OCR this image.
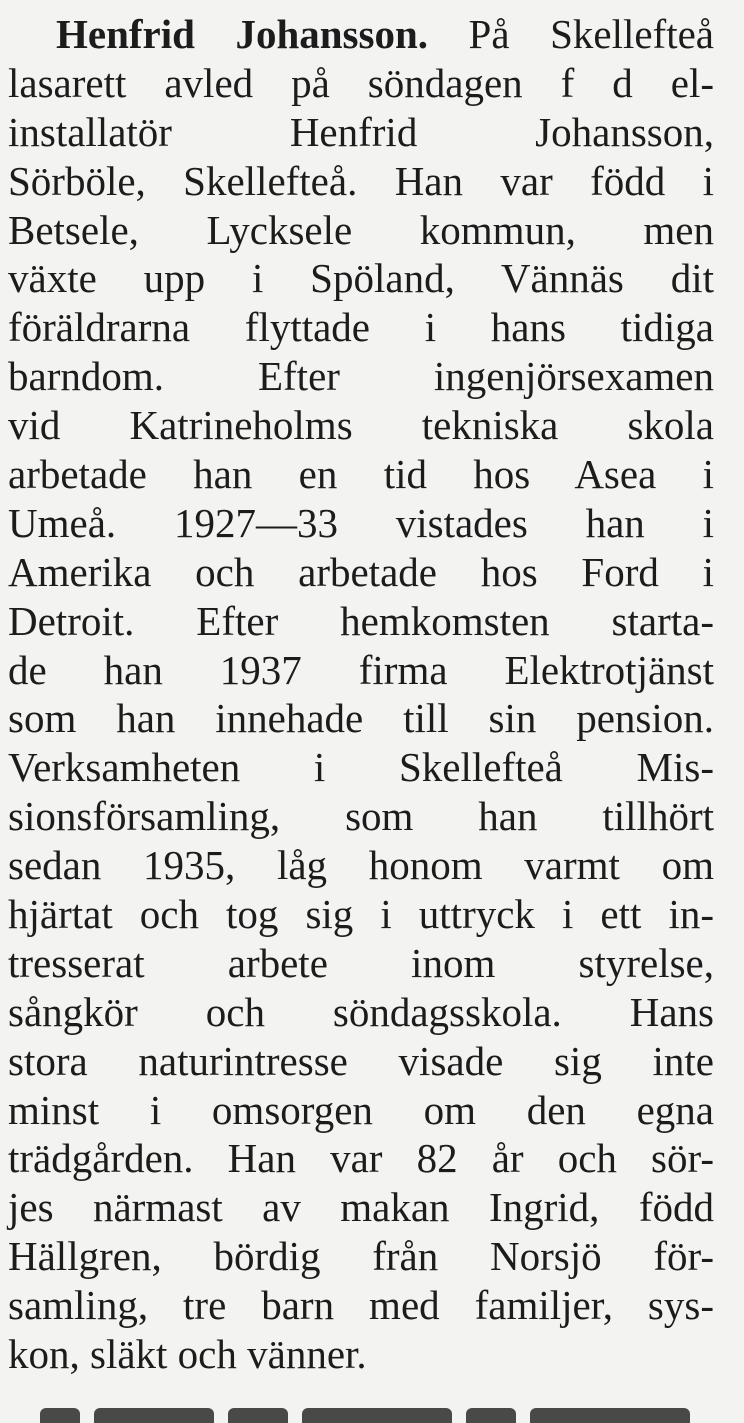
Henfrid Johansson. På Skellefteå
lasarett avled på söndagen f d el-
installatör Henfrid Johansson,
Sörböle, Skellefteå. Han var född i
Betsele, Lycksele kommun, men
växte upp i Spöland, Vännäs dit
föräldrarna flyttade i hans tidiga
barndom. Efter ingenjörsexamen
vid Katrineholms tekniska skola
arbetade han en tid hos Asea i
Umeå. 1927—33 vistades han i
Amerika och arbetade hos Ford i
Detroit. Efter hemkomsten starta-
de han 1937 firma Elektrotjänst
som han innehade till sin pension.
Verksamheten i Skellefteå Mis-
sionsförsamling, som han tillhört
sedan 1935, låg honom varmt om
hjärtat och tog sig i uttryck i ett in-
tresserat arbete inom styrelse,
sångkör och söndagsskola. Hans
stora naturintresse visade sig inte
minst i omsorgen om den egna
trädgården. Han var 82 år och sör-
jes närmast av makan Ingrid, född
Hällgren, bördig från Norsjö för-
samling, tre barn med familjer, sys-
kon, släkt och vänner.
